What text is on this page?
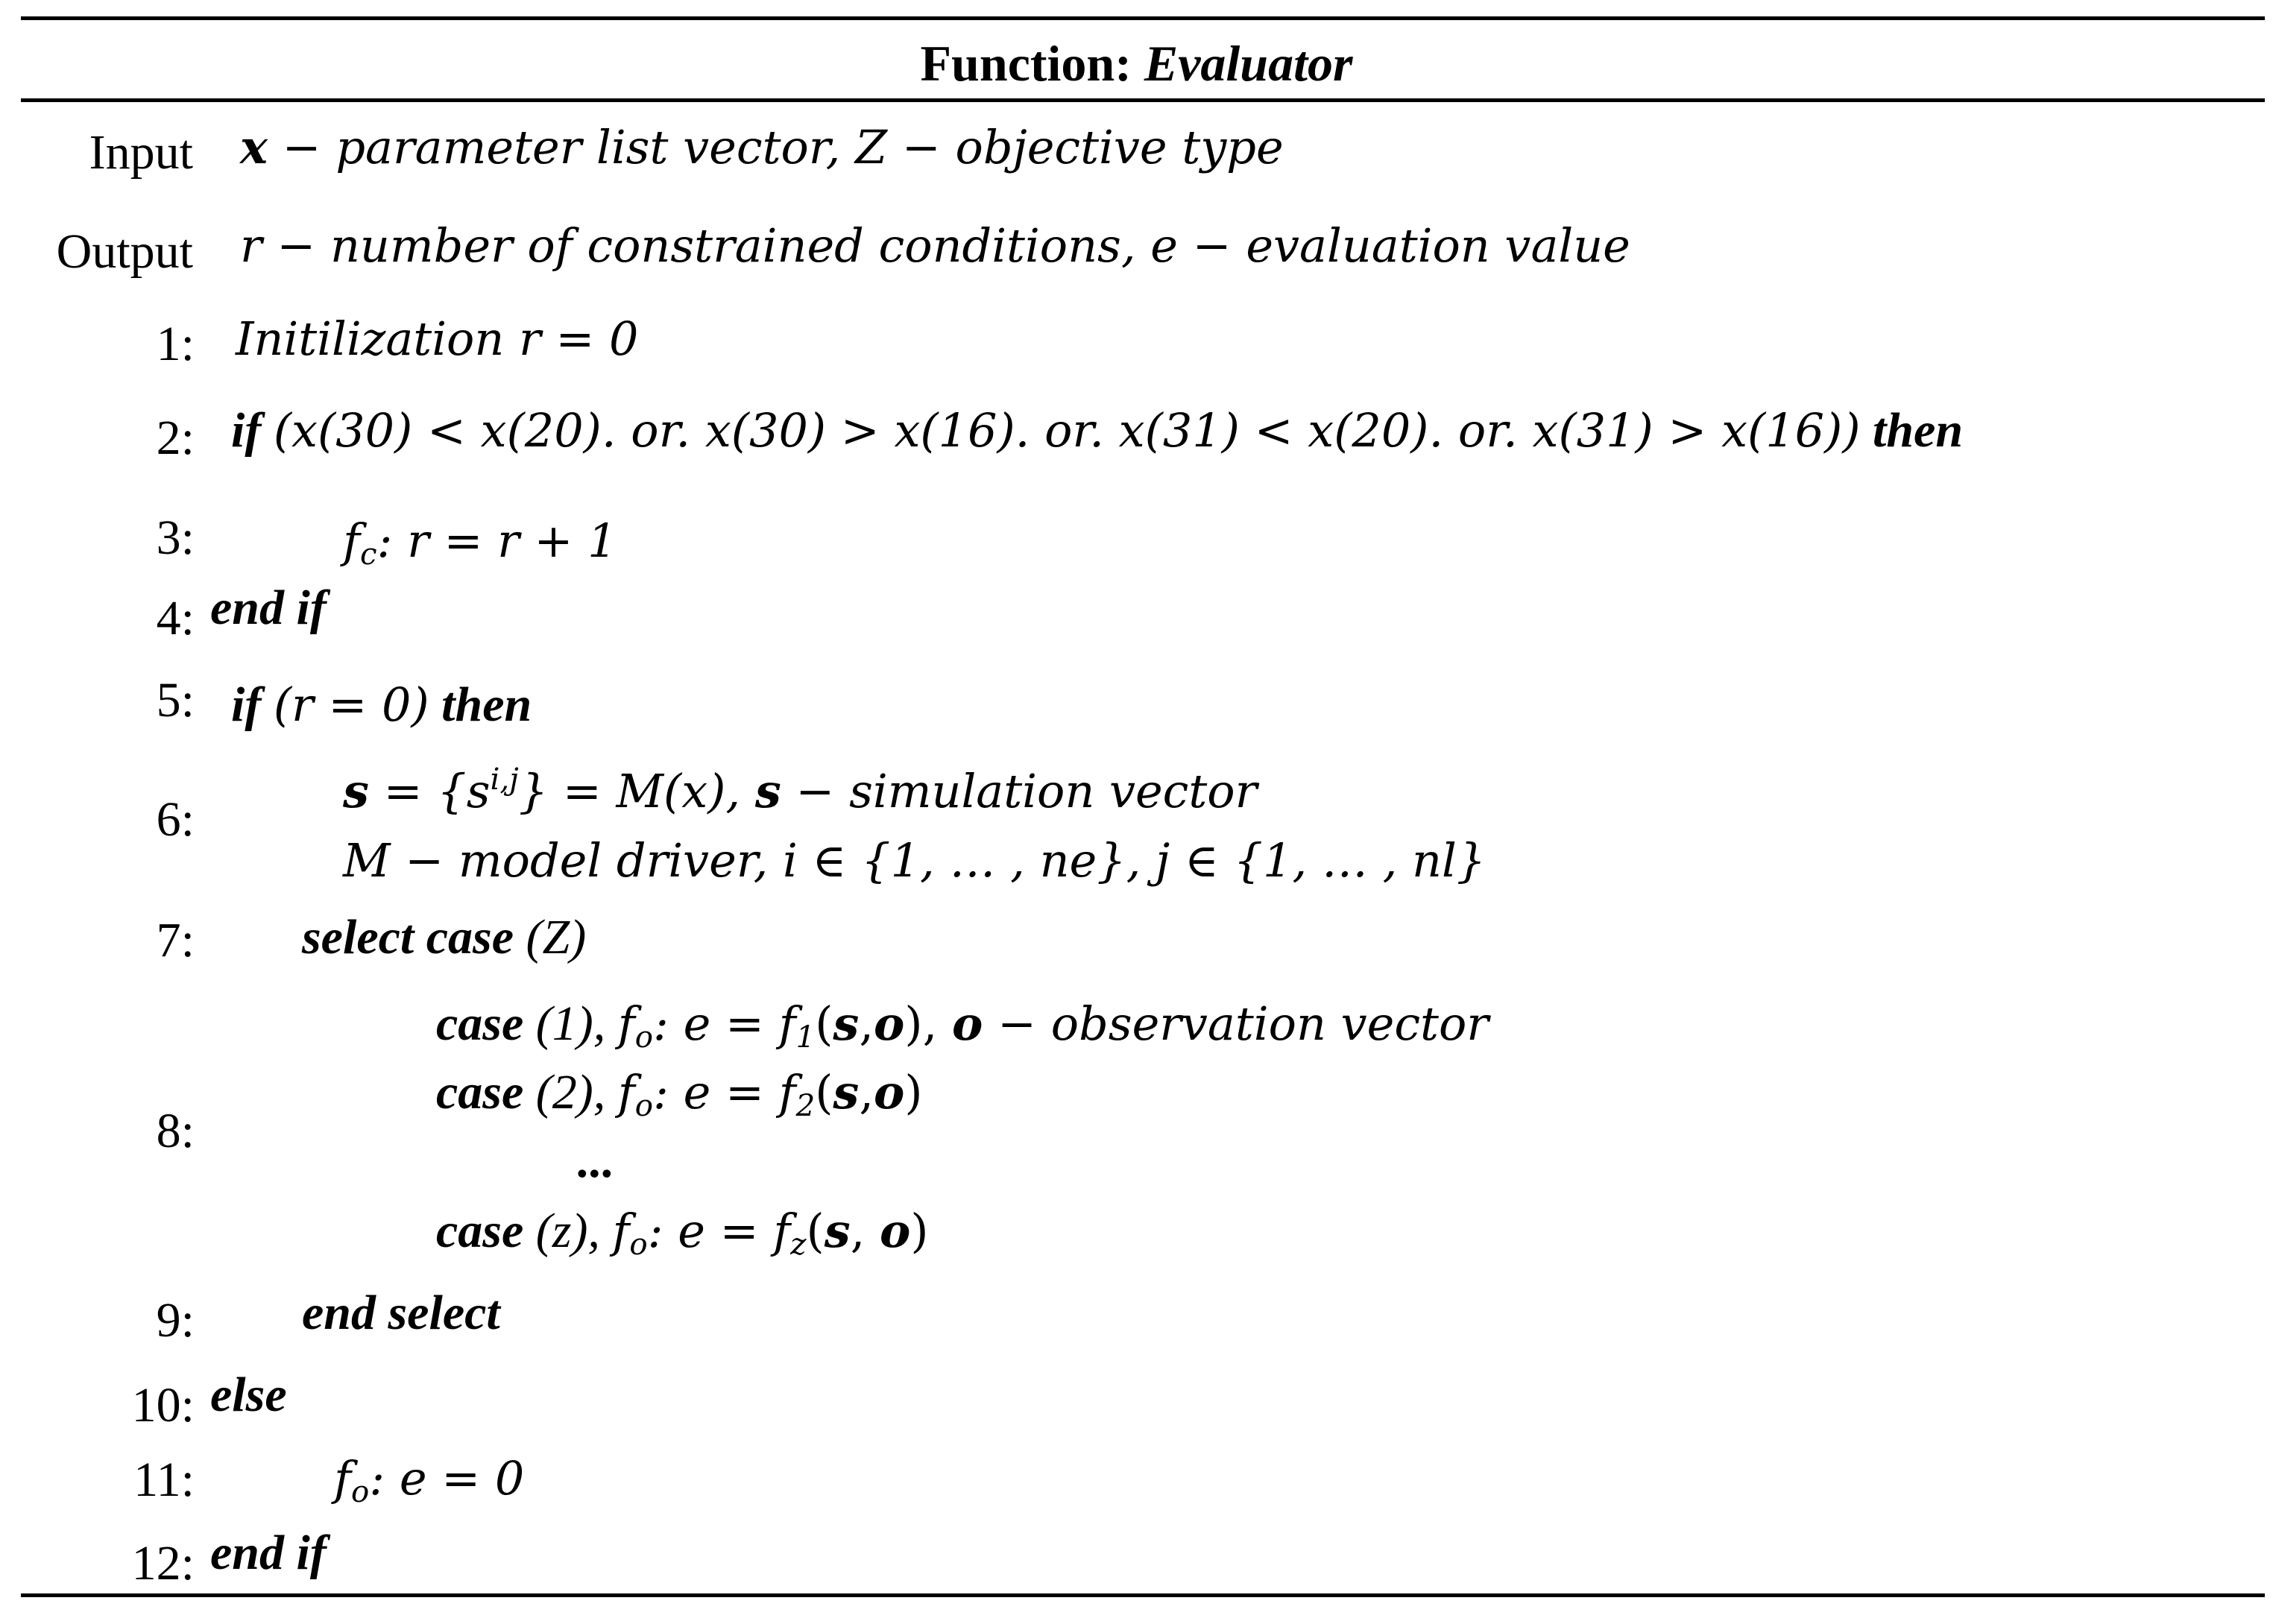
Function: Evaluator
Input x − parameter list vector, Z − objective type
Output r − number of constrained conditions, e − evaluation value
1: Initilization r = 0
2: if (x(30) < x(20). or. x(30) > x(16). or. x(31) < x(20). or. x(31) > x(16)) then
3:	$f_c$: r = r + 1
4: end if
5: if (r = 0) then
6:
$s = \{s^{i,j}\} = M(x)$, s − simulation vector
M − model driver, i ∈ {1, … , ne}, j ∈ {1, … , nl}
7: select case (Z)
8:
case (1), $f_o$: $e = f_1(s,o)$, o − observation vector
case (2), $f_o$: $e = f_2(s,o)$
...
case (z), $f_o$: $e = f_z(s$, o)
9: end select
10: else
11:	$f_o$: e = 0
12: end if
